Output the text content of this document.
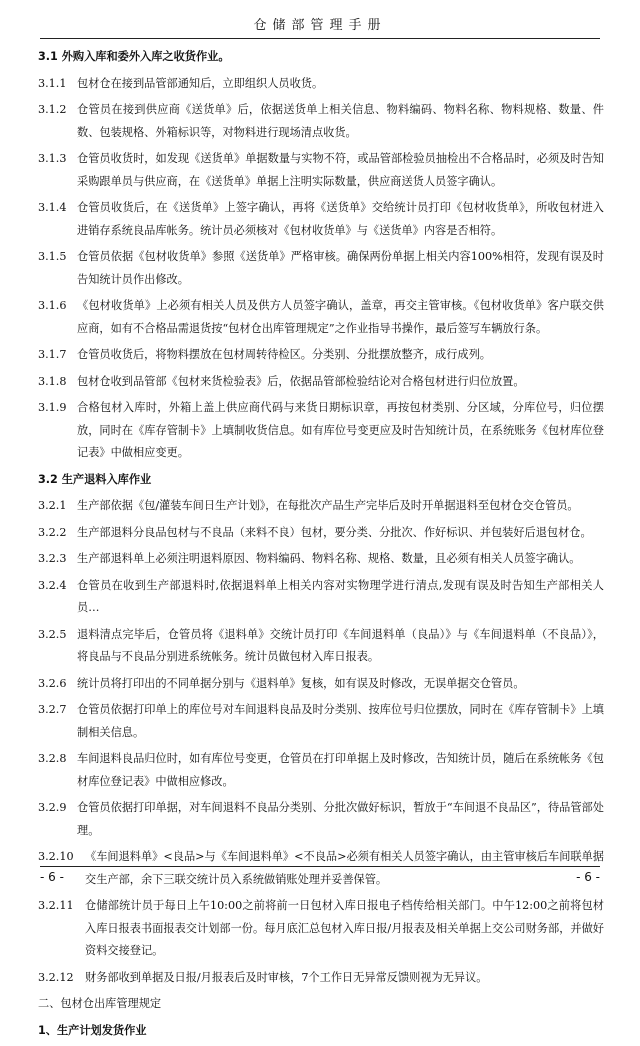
仓储部管理手册

3.1 外购入库和委外入库之收货作业。

3.1.1 包材仓在接到品管部通知后，立即组织人员收货。
3.1.2 仓管员在接到供应商《送货单》后，依据送货单上相关信息、物料编码、物料名称、物料规格、数量、件数、包装规格、外箱标识等，对物料进行现场清点收货。
3.1.3 仓管员收货时，如发现《送货单》单据数量与实物不符，或品管部检验员抽检出不合格品时，必须及时告知采购跟单员与供应商，在《送货单》单据上注明实际数量，供应商送货人员签字确认。
3.1.4 仓管员收货后，在《送货单》上签字确认，再将《送货单》交给统计员打印《包材收货单》，所收包材进入进销存系统良品库帐务。统计员必须核对《包材收货单》与《送货单》内容是否相符。
3.1.5 仓管员依据《包材收货单》参照《送货单》严格审核。确保两份单据上相关内容100%相符，发现有误及时告知统计员作出修改。
3.1.6 《包材收货单》上必须有相关人员及供方人员签字确认，盖章，再交主管审核。《包材收货单》客户联交供应商，如有不合格品需退货按“包材仓出库管理规定”之作业指导书操作，最后签写车辆放行条。
3.1.7 仓管员收货后，将物料摆放在包材周转待检区。分类别、分批摆放整齐，成行成列。
3.1.8 包材仓收到品管部《包材来货检验表》后，依据品管部检验结论对合格包材进行归位放置。
3.1.9 合格包材入库时，外箱上盖上供应商代码与来货日期标识章，再按包材类别、分区域，分库位号，归位摆放，同时在《库存管制卡》上填制收货信息。如有库位号变更应及时告知统计员，在系统账务《包材库位登记表》中做相应变更。

3.2 生产退料入库作业

3.2.1 生产部依据《包/灌装车间日生产计划》，在每批次产品生产完毕后及时开单据退料至包材仓交仓管员。
3.2.2 生产部退料分良品包材与不良品（来料不良）包材，要分类、分批次、作好标识、并包装好后退包材仓。
3.2.3 生产部退料单上必须注明退料原因、物料编码、物料名称、规格、数量，且必须有相关人员签字确认。
3.2.4 仓管员在收到生产部退料时,依据退料单上相关内容对实物理学进行清点,发现有误及时告知生产部相关人员…
3.2.5 退料清点完毕后，仓管员将《退料单》交统计员打印《车间退料单（良品）》与《车间退料单（不良品）》，将良品与不良品分别进系统帐务。统计员做包材入库日报表。
3.2.6 统计员将打印出的不同单据分别与《退料单》复核，如有误及时修改，无误单据交仓管员。
3.2.7 仓管员依据打印单上的库位号对车间退料良品及时分类别、按库位号归位摆放，同时在《库存管制卡》上填制相关信息。
3.2.8 车间退料良品归位时，如有库位号变更，仓管员在打印单据上及时修改，告知统计员，随后在系统帐务《包材库位登记表》中做相应修改。
3.2.9 仓管员依据打印单据，对车间退料不良品分类别、分批次做好标识，暂放于“车间退不良品区”，待品管部处理。
3.2.10	《车间退料单》<良品>与《车间退料单》<不良品>必须有相关人员签字确认，由主管审核后车间联单据交生产部，余下三联交统计员入系统做销账处理并妥善保管。
3.2.11	仓储部统计员于每日上午10:00之前将前一日包材入库日报电子档传给相关部门。中午12:00之前将包材入库日报表书面报表交计划部一份。每月底汇总包材入库日报/月报表及相关单据上交公司财务部，并做好资料交接登记。
3.2.12	财务部收到单据及日报/月报表后及时审核，7个工作日无异常反馈则视为无异议。

二、包材仓出库管理规定

1、生产计划发货作业

- 6 -	- 6 -
